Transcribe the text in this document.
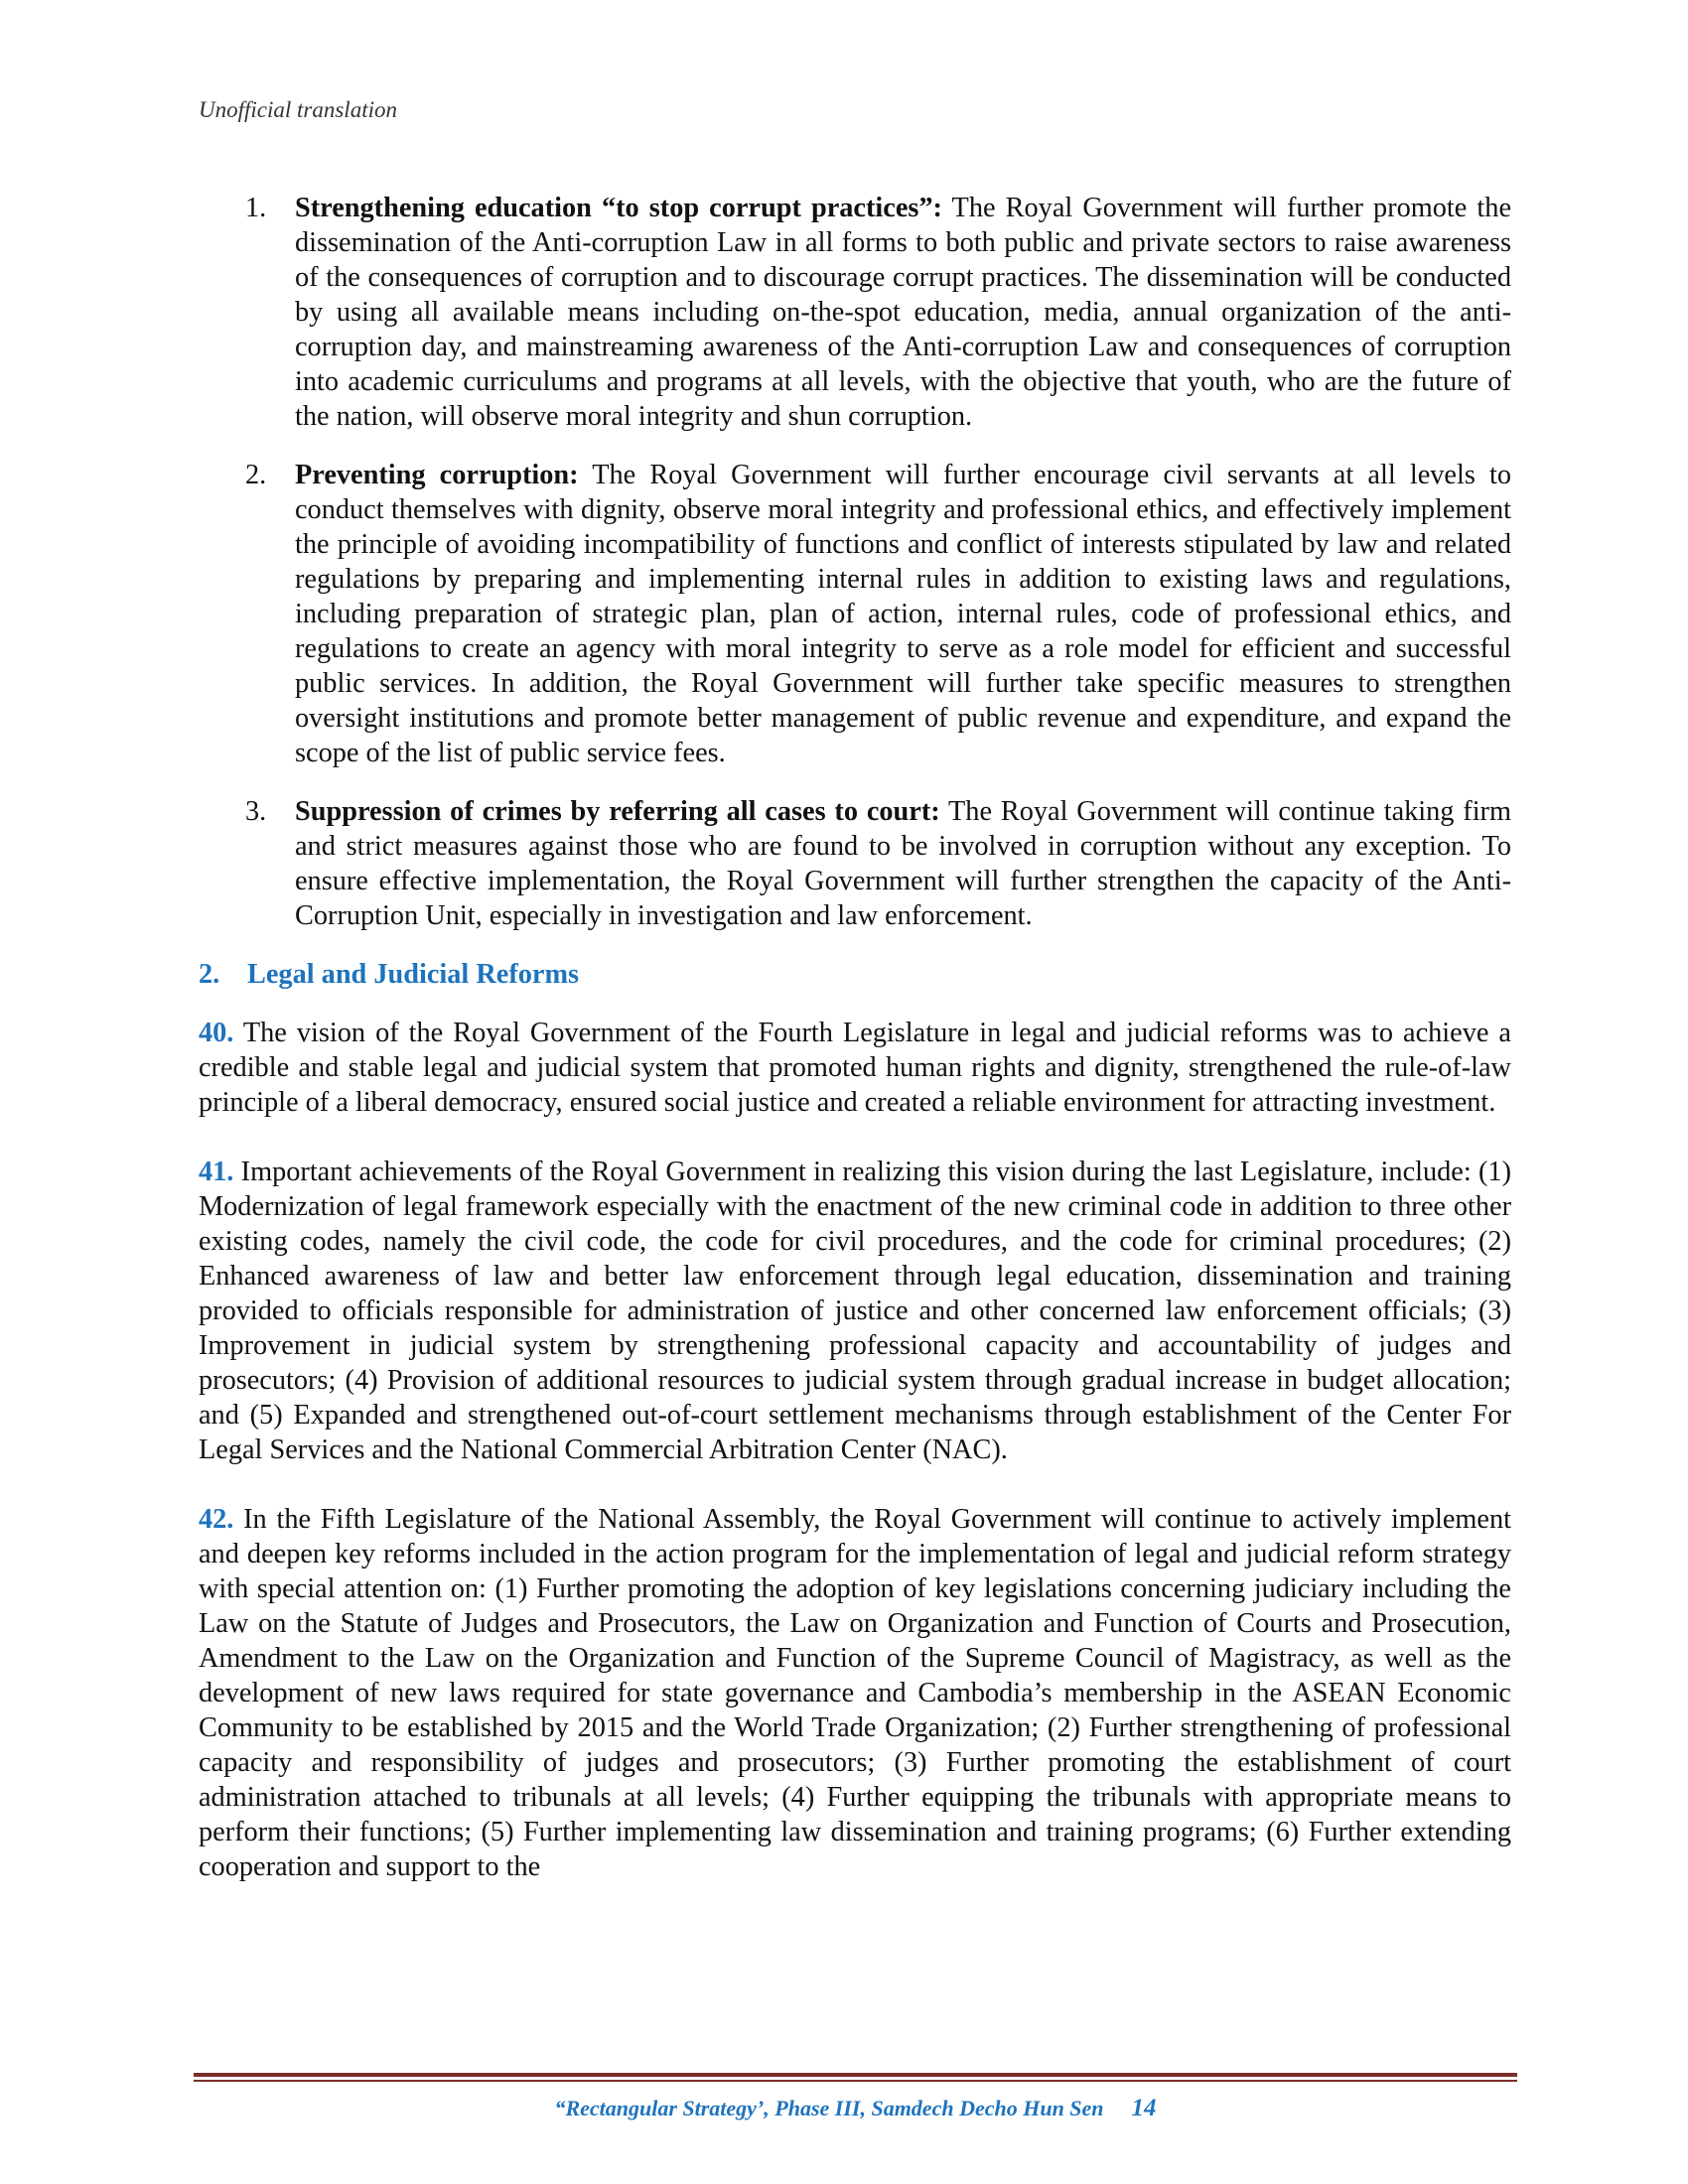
Unofficial translation
1. Strengthening education “to stop corrupt practices”: The Royal Government will further promote the dissemination of the Anti-corruption Law in all forms to both public and private sectors to raise awareness of the consequences of corruption and to discourage corrupt practices. The dissemination will be conducted by using all available means including on-the-spot education, media, annual organization of the anti-corruption day, and mainstreaming awareness of the Anti-corruption Law and consequences of corruption into academic curriculums and programs at all levels, with the objective that youth, who are the future of the nation, will observe moral integrity and shun corruption.
2. Preventing corruption: The Royal Government will further encourage civil servants at all levels to conduct themselves with dignity, observe moral integrity and professional ethics, and effectively implement the principle of avoiding incompatibility of functions and conflict of interests stipulated by law and related regulations by preparing and implementing internal rules in addition to existing laws and regulations, including preparation of strategic plan, plan of action, internal rules, code of professional ethics, and regulations to create an agency with moral integrity to serve as a role model for efficient and successful public services. In addition, the Royal Government will further take specific measures to strengthen oversight institutions and promote better management of public revenue and expenditure, and expand the scope of the list of public service fees.
3. Suppression of crimes by referring all cases to court: The Royal Government will continue taking firm and strict measures against those who are found to be involved in corruption without any exception. To ensure effective implementation, the Royal Government will further strengthen the capacity of the Anti-Corruption Unit, especially in investigation and law enforcement.
2. Legal and Judicial Reforms

40. The vision of the Royal Government of the Fourth Legislature in legal and judicial reforms was to achieve a credible and stable legal and judicial system that promoted human rights and dignity, strengthened the rule-of-law principle of a liberal democracy, ensured social justice and created a reliable environment for attracting investment.

41. Important achievements of the Royal Government in realizing this vision during the last Legislature, include: (1) Modernization of legal framework especially with the enactment of the new criminal code in addition to three other existing codes, namely the civil code, the code for civil procedures, and the code for criminal procedures; (2) Enhanced awareness of law and better law enforcement through legal education, dissemination and training provided to officials responsible for administration of justice and other concerned law enforcement officials; (3) Improvement in judicial system by strengthening professional capacity and accountability of judges and prosecutors; (4) Provision of additional resources to judicial system through gradual increase in budget allocation; and (5) Expanded and strengthened out-of-court settlement mechanisms through establishment of the Center For Legal Services and the National Commercial Arbitration Center (NAC).

42. In the Fifth Legislature of the National Assembly, the Royal Government will continue to actively implement and deepen key reforms included in the action program for the implementation of legal and judicial reform strategy with special attention on: (1) Further promoting the adoption of key legislations concerning judiciary including the Law on the Statute of Judges and Prosecutors, the Law on Organization and Function of Courts and Prosecution, Amendment to the Law on the Organization and Function of the Supreme Council of Magistracy, as well as the development of new laws required for state governance and Cambodia’s membership in the ASEAN Economic Community to be established by 2015 and the World Trade Organization; (2) Further strengthening of professional capacity and responsibility of judges and prosecutors; (3) Further promoting the establishment of court administration attached to tribunals at all levels; (4) Further equipping the tribunals with appropriate means to perform their functions; (5) Further implementing law dissemination and training programs; (6) Further extending cooperation and support to the

“Rectangular Strategy’, Phase III, Samdech Decho Hun Sen 14
